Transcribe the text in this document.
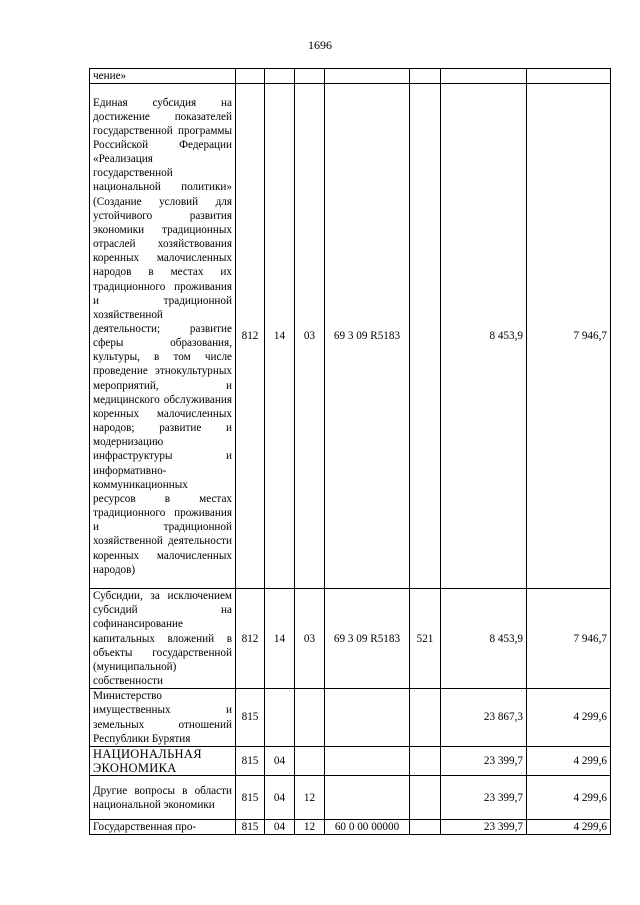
1696
чение»							
Единая субсидия на достижение показателей государственной программы Российской Федерации «Реализация государственной национальной политики» (Создание условий для устойчивого развития экономики традиционных отраслей хозяйствования коренных малочисленных народов в местах их традиционного проживания и традиционной хозяйственной деятельности; развитие сферы образования, культуры, в том числе проведение этнокультурных мероприятий, и медицинского обслуживания коренных малочисленных народов; развитие и модернизацию инфраструктуры и информативно-коммуникационных ресурсов в местах традиционного проживания и традиционной хозяйственной деятельности коренных малочисленных народов)	812	14	03	69 3 09 R5183		8 453,9	7 946,7
Субсидии, за исключением субсидий на софинансирование капитальных вложений в объекты государственной (муниципальной) собственности	812	14	03	69 3 09 R5183	521	8 453,9	7 946,7
Министерство имущественных и земельных отношений Республики Бурятия	815					23 867,3	4 299,6
НАЦИОНАЛЬНАЯ ЭКОНОМИКА	815	04				23 399,7	4 299,6
Другие вопросы в области национальной экономики	815	04	12			23 399,7	4 299,6
Государственная про-	815	04	12	60 0 00 00000		23 399,7	4 299,6
